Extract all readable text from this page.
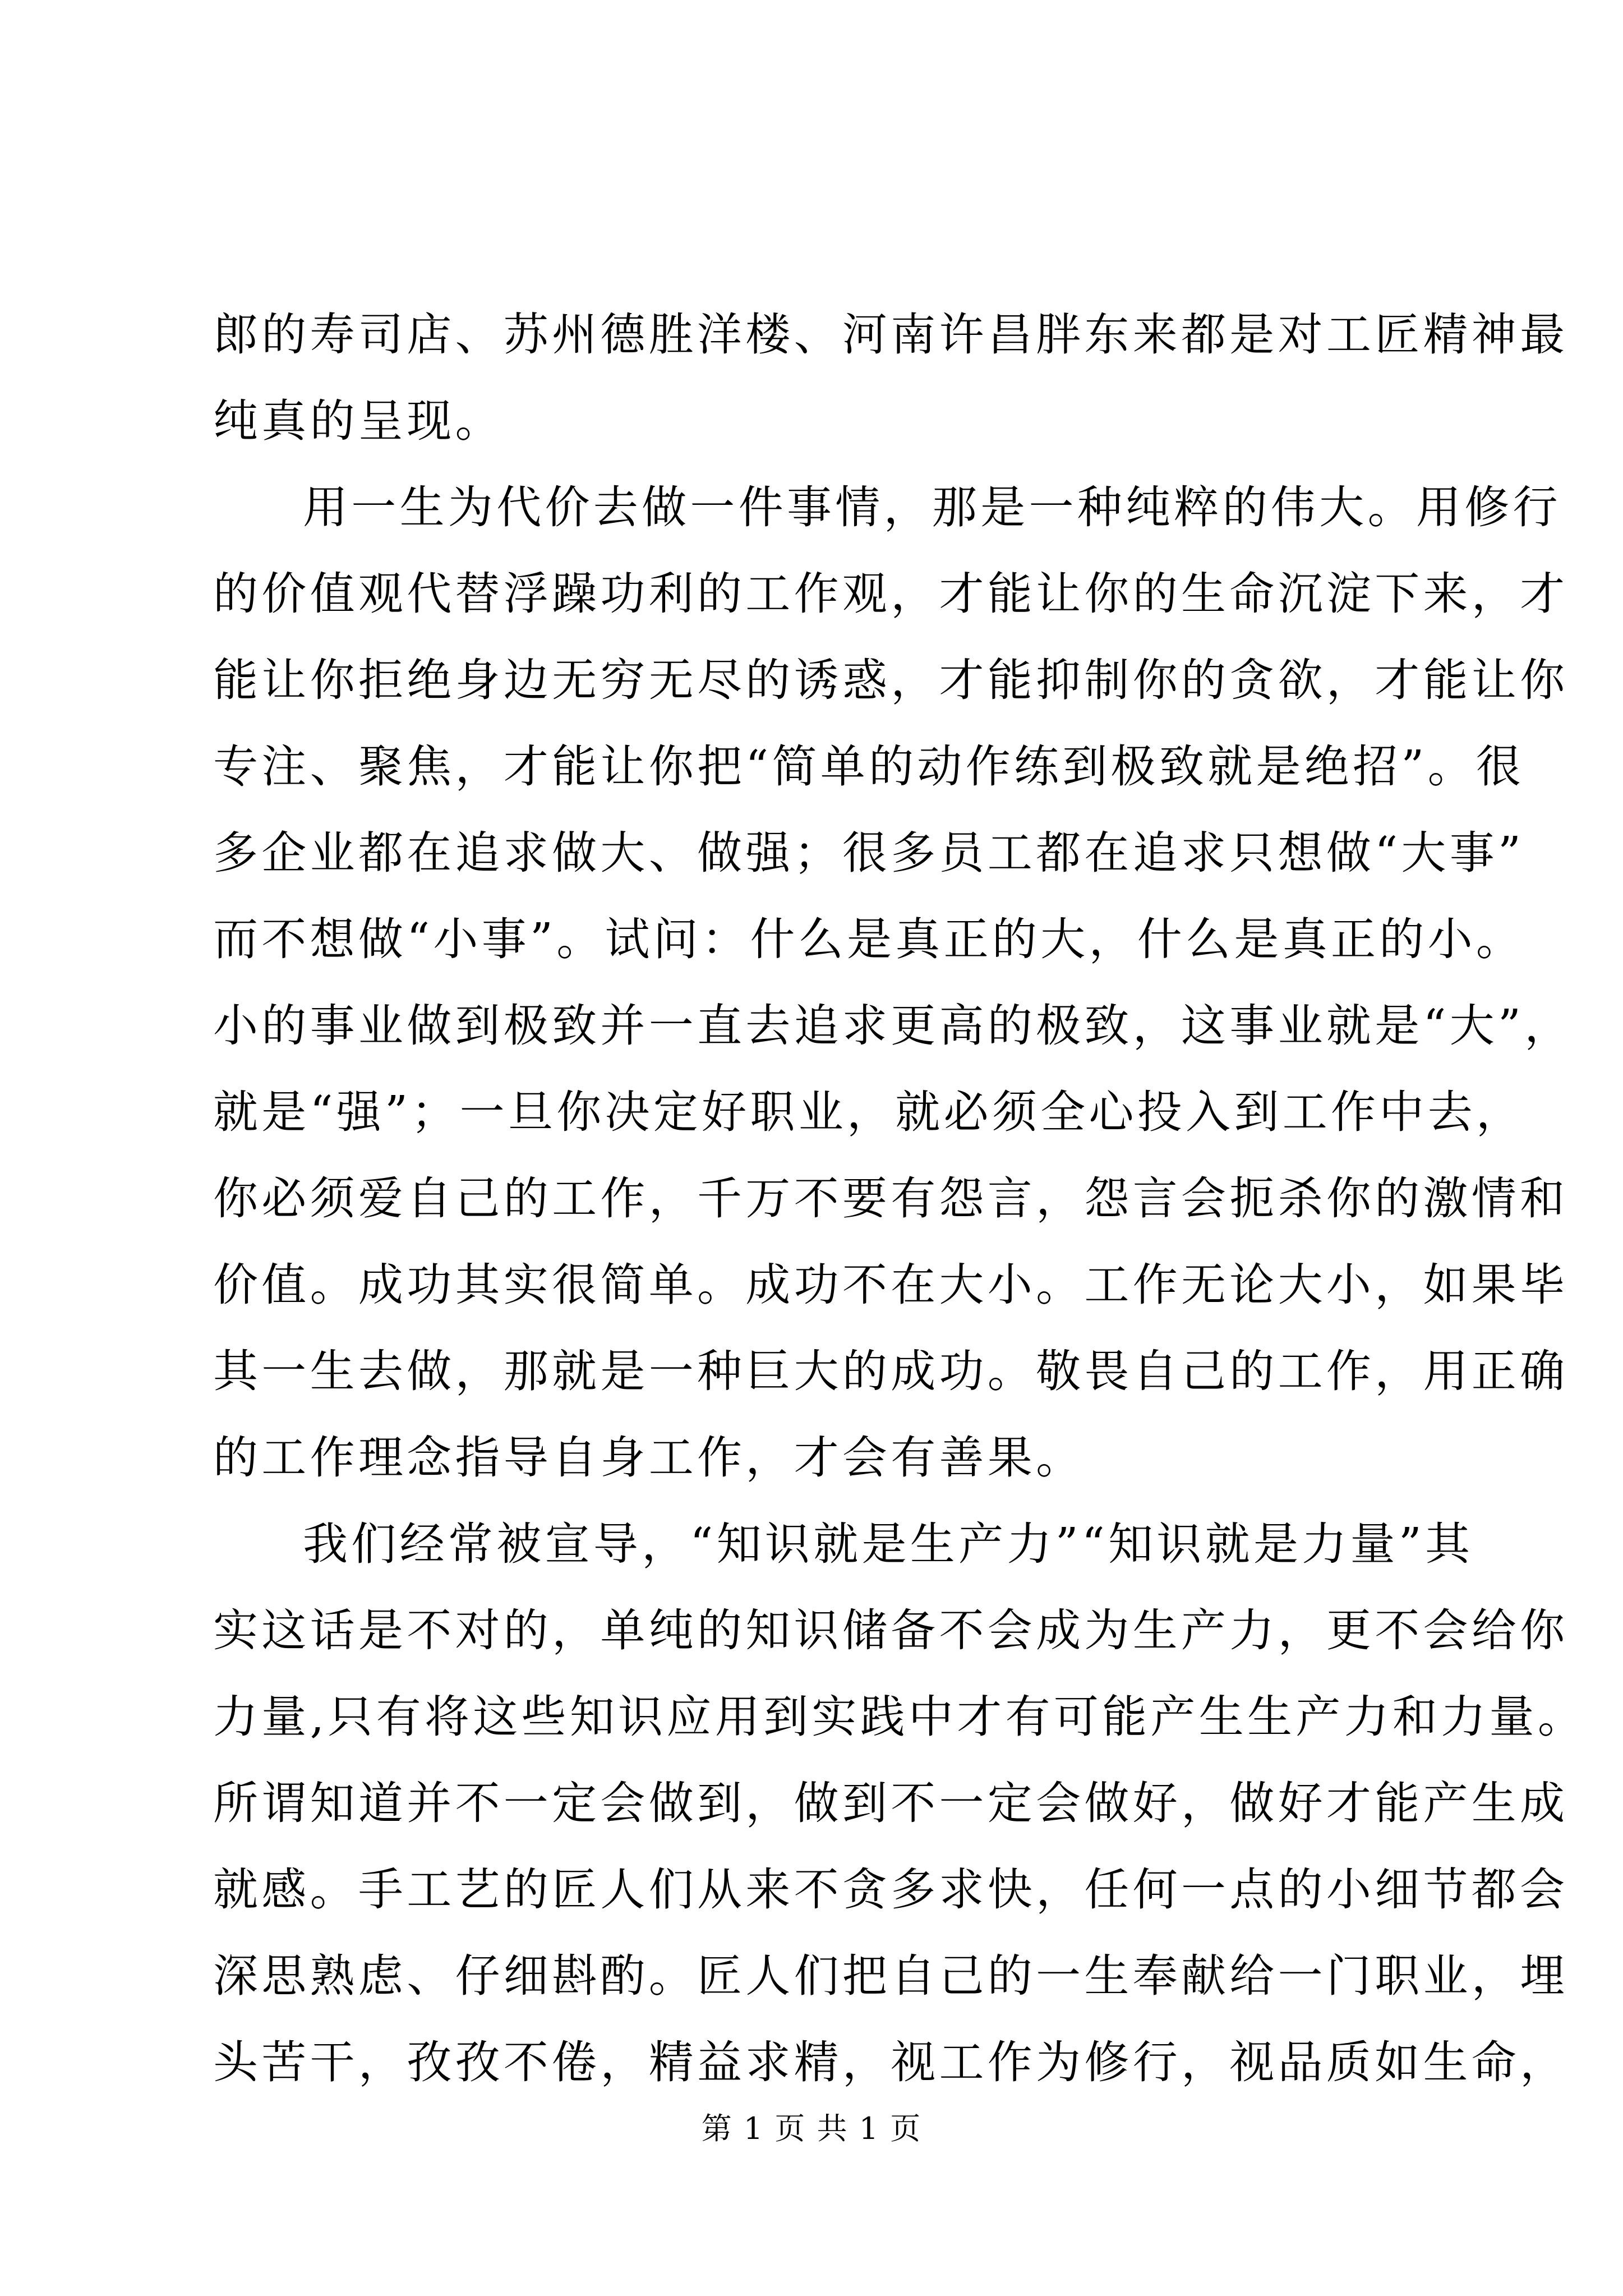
郎的寿司店、苏州德胜洋楼、河南许昌胖东来都是对工匠精神最
纯真的呈现。
用一生为代价去做一件事情，那是一种纯粹的伟大。用修行
的价值观代替浮躁功利的工作观，才能让你的生命沉淀下来，才
能让你拒绝身边无穷无尽的诱惑，才能抑制你的贪欲，才能让你
专注、聚焦，才能让你把“简单的动作练到极致就是绝招”。很
多企业都在追求做大、做强；很多员工都在追求只想做“大事”
而不想做“小事”。试问：什么是真正的大，什么是真正的小。
小的事业做到极致并一直去追求更高的极致，这事业就是“大”，
就是“强”；一旦你决定好职业，就必须全心投入到工作中去，
你必须爱自己的工作，千万不要有怨言，怨言会扼杀你的激情和
价值。成功其实很简单。成功不在大小。工作无论大小，如果毕
其一生去做，那就是一种巨大的成功。敬畏自己的工作，用正确
的工作理念指导自身工作，才会有善果。
我们经常被宣导，“知识就是生产力”“知识就是力量”其
实这话是不对的，单纯的知识储备不会成为生产力，更不会给你
力量,只有将这些知识应用到实践中才有可能产生生产力和力量。
所谓知道并不一定会做到，做到不一定会做好，做好才能产生成
就感。手工艺的匠人们从来不贪多求快，任何一点的小细节都会
深思熟虑、仔细斟酌。匠人们把自己的一生奉献给一门职业，埋
头苦干，孜孜不倦，精益求精，视工作为修行，视品质如生命，
第 1 页 共 1 页
